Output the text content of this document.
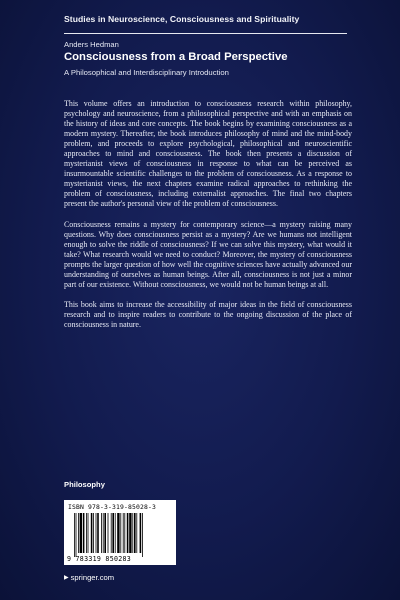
Studies in Neuroscience, Consciousness and Spirituality
Anders Hedman
Consciousness from a Broad Perspective
A Philosophical and Interdisciplinary Introduction

This volume offers an introduction to consciousness research within philosophy, psychology and neuroscience, from a philosophical perspective and with an emphasis on the history of ideas and core concepts. The book begins by examining consciousness as a modern mystery. Thereafter, the book introduces philosophy of mind and the mind-body problem, and proceeds to explore psychological, philosophical and neuroscientific approaches to mind and consciousness. The book then presents a discussion of mysterianist views of consciousness in response to what can be perceived as insurmountable scientific challenges to the problem of consciousness. As a response to mysterianist views, the next chapters examine radical approaches to rethinking the problem of consciousness, including externalist approaches. The final two chapters present the author's personal view of the problem of consciousness.

Consciousness remains a mystery for contemporary science—a mystery raising many questions. Why does consciousness persist as a mystery? Are we humans not intelligent enough to solve the riddle of consciousness? If we can solve this mystery, what would it take? What research would we need to conduct? Moreover, the mystery of consciousness prompts the larger question of how well the cognitive sciences have actually advanced our understanding of ourselves as human beings. After all, consciousness is not just a minor part of our existence. Without consciousness, we would not be human beings at all.

This book aims to increase the accessibility of major ideas in the field of consciousness research and to inspire readers to contribute to the ongoing discussion of the place of consciousness in nature.

Philosophy
ISBN 978-3-319-85028-3
9 783319 850283
▶ springer.com
